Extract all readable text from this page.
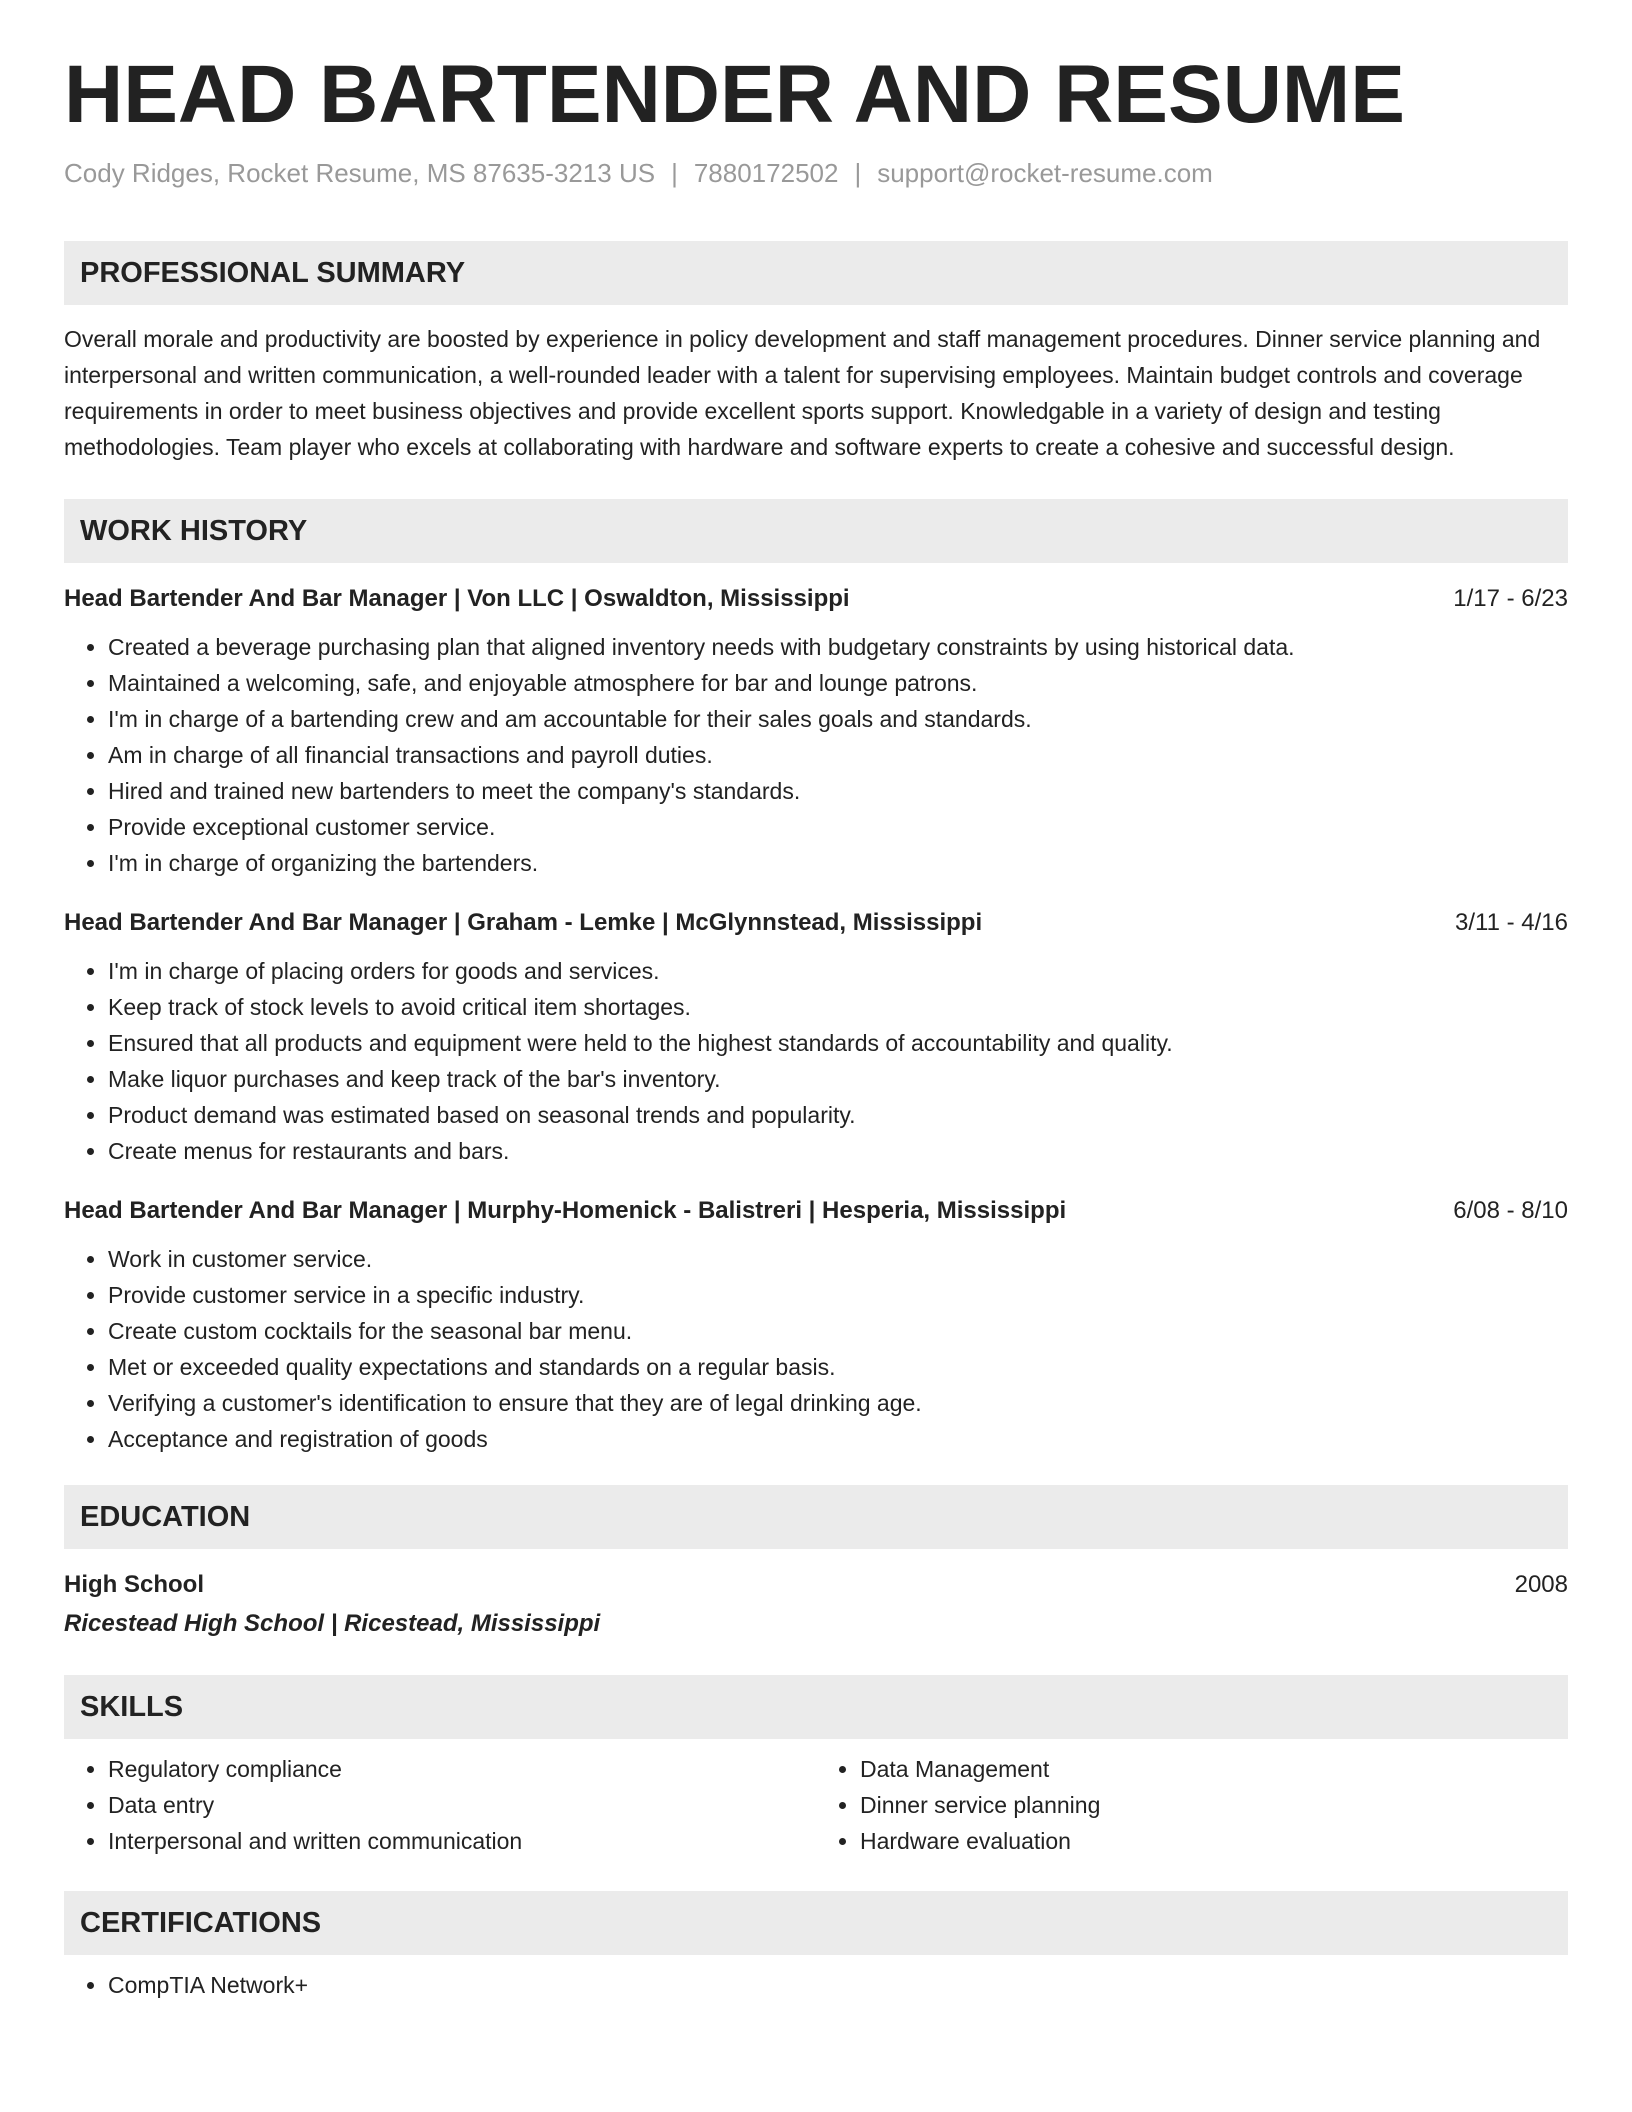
HEAD BARTENDER AND RESUME
Cody Ridges, Rocket Resume, MS 87635-3213 US | 7880172502 | support@rocket-resume.com
PROFESSIONAL SUMMARY
Overall morale and productivity are boosted by experience in policy development and staff management procedures. Dinner service planning and interpersonal and written communication, a well-rounded leader with a talent for supervising employees. Maintain budget controls and coverage requirements in order to meet business objectives and provide excellent sports support. Knowledgable in a variety of design and testing methodologies. Team player who excels at collaborating with hardware and software experts to create a cohesive and successful design.
WORK HISTORY
Head Bartender And Bar Manager | Von LLC | Oswaldton, Mississippi	1/17 - 6/23
• Created a beverage purchasing plan that aligned inventory needs with budgetary constraints by using historical data.
• Maintained a welcoming, safe, and enjoyable atmosphere for bar and lounge patrons.
• I'm in charge of a bartending crew and am accountable for their sales goals and standards.
• Am in charge of all financial transactions and payroll duties.
• Hired and trained new bartenders to meet the company's standards.
• Provide exceptional customer service.
• I'm in charge of organizing the bartenders.
Head Bartender And Bar Manager | Graham - Lemke | McGlynnstead, Mississippi	3/11 - 4/16
• I'm in charge of placing orders for goods and services.
• Keep track of stock levels to avoid critical item shortages.
• Ensured that all products and equipment were held to the highest standards of accountability and quality.
• Make liquor purchases and keep track of the bar's inventory.
• Product demand was estimated based on seasonal trends and popularity.
• Create menus for restaurants and bars.
Head Bartender And Bar Manager | Murphy-Homenick - Balistreri | Hesperia, Mississippi	6/08 - 8/10
• Work in customer service.
• Provide customer service in a specific industry.
• Create custom cocktails for the seasonal bar menu.
• Met or exceeded quality expectations and standards on a regular basis.
• Verifying a customer's identification to ensure that they are of legal drinking age.
• Acceptance and registration of goods
EDUCATION
High School	2008
Ricestead High School | Ricestead, Mississippi
SKILLS
• Regulatory compliance
• Data entry
• Interpersonal and written communication
• Data Management
• Dinner service planning
• Hardware evaluation
CERTIFICATIONS
• CompTIA Network+
